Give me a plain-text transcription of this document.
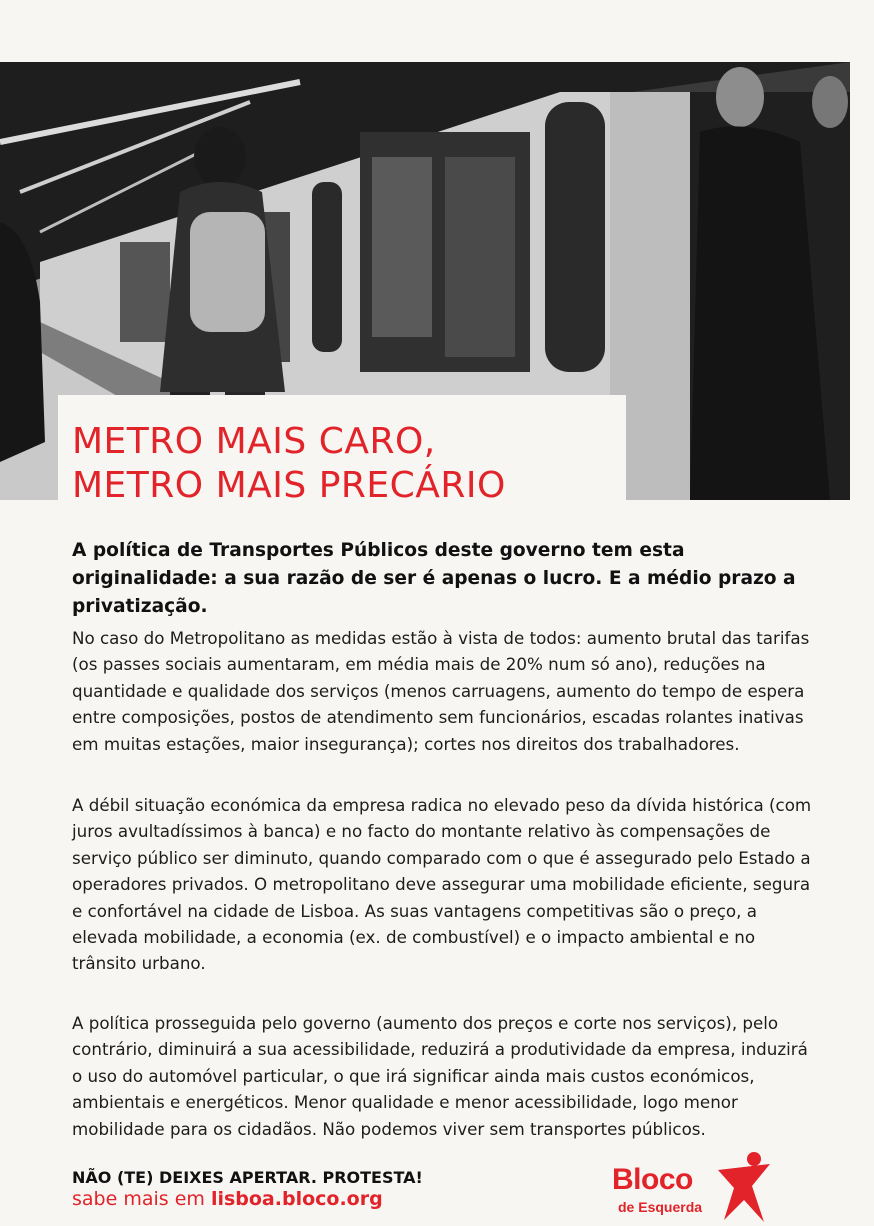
METRO MAIS CARO,
METRO MAIS PRECÁRIO

A política de Transportes Públicos deste governo tem esta originalidade: a sua razão de ser é apenas o lucro. E a médio prazo a privatização.

No caso do Metropolitano as medidas estão à vista de todos: aumento brutal das tarifas (os passes sociais aumentaram, em média mais de 20% num só ano), reduções na quantidade e qualidade dos serviços (menos carruagens, aumento do tempo de espera entre composições, postos de atendimento sem funcionários, escadas rolantes inativas em muitas estações, maior insegurança); cortes nos direitos dos trabalhadores.

A débil situação económica da empresa radica no elevado peso da dívida histórica (com juros avultadíssimos à banca) e no facto do montante relativo às compensações de serviço público ser diminuto, quando comparado com o que é assegurado pelo Estado a operadores privados. O metropolitano deve assegurar uma mobilidade eficiente, segura e confortável na cidade de Lisboa. As suas vantagens competitivas são o preço, a elevada mobilidade, a economia (ex. de combustível) e o impacto ambiental e no trânsito urbano.

A política prosseguida pelo governo (aumento dos preços e corte nos serviços), pelo contrário, diminuirá a sua acessibilidade, reduzirá a produtividade da empresa, induzirá o uso do automóvel particular, o que irá significar ainda mais custos económicos, ambientais e energéticos. Menor qualidade e menor acessibilidade, logo menor mobilidade para os cidadãos. Não podemos viver sem transportes públicos.

NÃO (TE) DEIXES APERTAR. PROTESTA!

sabe mais em lisboa.bloco.org

Bloco
de Esquerda
